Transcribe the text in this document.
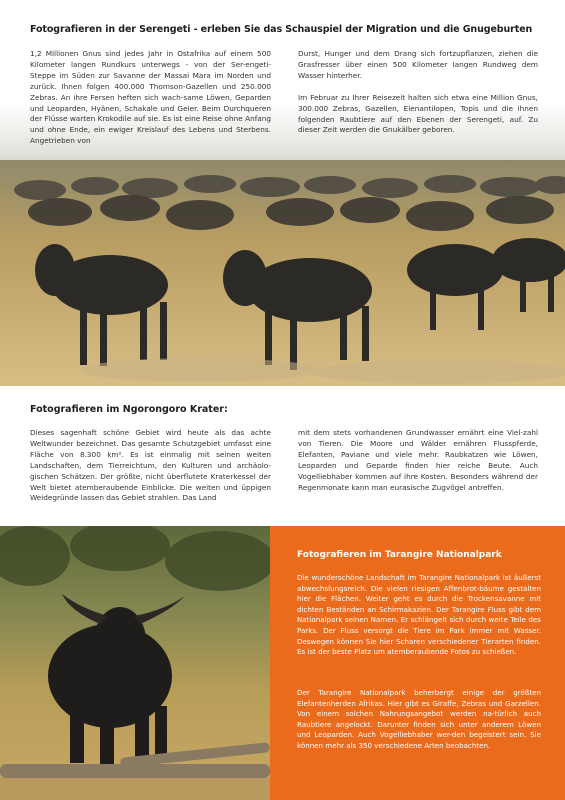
Fotografieren in der Serengeti - erleben Sie das Schauspiel der Migration und die Gnugeburten
1,2 Millionen Gnus sind jedes Jahr in Ostafrika auf einem 500 Kilometer langen Rundkurs unterwegs - von der Ser-engeti-Steppe im Süden zur Savanne der Massai Mara im Norden und zurück. Ihnen folgen 400.000 Thomson-Gazellen und 250.000 Zebras. An ihre Fersen heften sich wach-same Löwen, Geparden und Leoparden, Hyänen, Schakale und Geier. Beim Durchqueren der Flüsse warten Krokodile auf sie. Es ist eine Reise ohne Anfang und ohne Ende, ein ewiger Kreislauf des Lebens und Sterbens. Angetrieben von

Durst, Hunger und dem Drang sich fortzupflanzen, ziehen die Grasfresser über einen 500 Kilometer langen Rundweg dem Wasser hinterher.

Im Februar zu Ihrer Reisezeit halten sich etwa eine Million Gnus, 300.000 Zebras, Gazellen, Elenantilopen, Topis und die ihnen folgenden Raubtiere auf den Ebenen der Serengeti, auf. Zu dieser Zeit werden die Gnukälber geboren.

Fotografieren im Ngorongoro Krater:
Dieses sagenhaft schöne Gebiet wird heute als das achte Weltwunder bezeichnet. Das gesamte Schutzgebiet umfasst eine Fläche von 8.300 km². Es ist einmalig mit seinen weiten Landschaften, dem Tierreichtum, den Kulturen und archäolo-gischen Schätzen. Der größte, nicht überflutete Kraterkessel der Welt bietet atemberaubende Einblicke. Die weiten und üppigen Weidegründe lassen das Gebiet strahlen. Das Land
mit dem stets vorhandenen Grundwasser ernährt eine Viel-zahl von Tieren. Die Moore und Wälder ernähren Flusspferde, Elefanten, Paviane und viele mehr. Raubkatzen wie Löwen, Leoparden und Geparde finden hier reiche Beute. Auch Vogelliebhaber kommen auf ihre Kosten. Besonders während der Regenmonate kann man eurasische Zugvögel antreffen.
Fotografieren im Tarangire Nationalpark
Die wunderschöne Landschaft im Tarangire Nationalpark ist äußerst abwechslungsreich. Die vielen riesigen Affenbrot-bäume gestalten hier die Flächen. Weiter geht es durch die Trockensavanne mit dichten Beständen an Schirmakazien. Der Tarangire Fluss gibt dem Nationalpark seinen Namen. Er schlängelt sich durch weite Teile des Parks. Der Fluss versorgt die Tiere im Park immer mit Wasser. Deswegen können Sie hier Scharen verschiedener Tierarten finden. Es ist der beste Platz um atemberaubende Fotos zu schießen.
Der Tarangire Nationalpark beherbergt einige der größten Elefantenherden Afrikas. Hier gibt es Giraffe, Zebras und Garzellen. Von einem solchen Nahrungsangebot werden na-türlich auch Raubtiere angelockt. Darunter finden sich unter anderem Löwen und Leoparden. Auch Vogelliebhaber wer-den begeistert sein. Sie können mehr als 350 verschiedene Arten beobachten.
